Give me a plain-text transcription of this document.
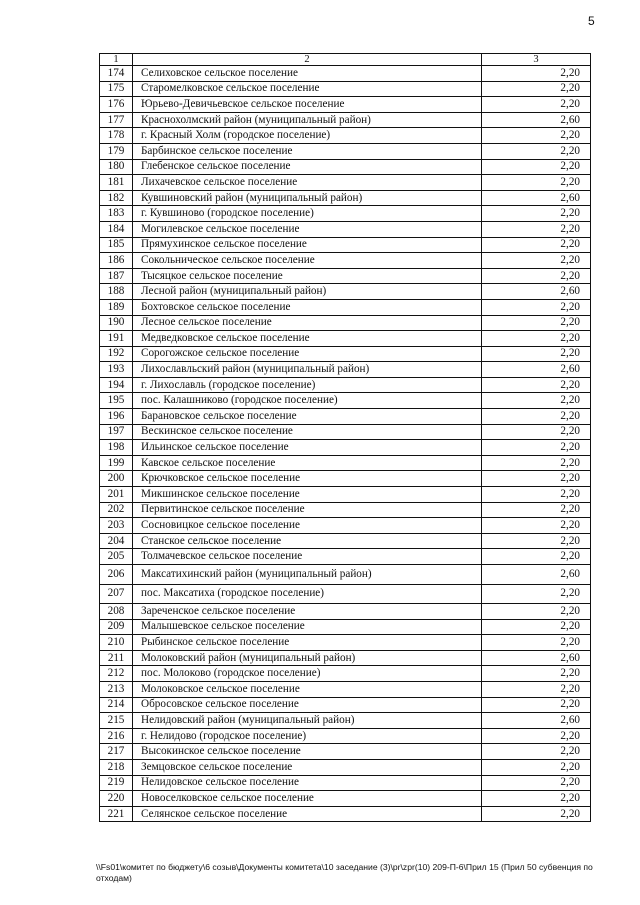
5
1	2	3
174	Селиховское сельское поселение	2,20
175	Старомелковское сельское поселение	2,20
176	Юрьево-Девичьевское сельское поселение	2,20
177	Краснохолмский район (муниципальный район)	2,60
178	г. Красный Холм (городское поселение)	2,20
179	Барбинское сельское поселение	2,20
180	Глебенское сельское поселение	2,20
181	Лихачевское сельское поселение	2,20
182	Кувшиновский район (муниципальный район)	2,60
183	г. Кувшиново (городское поселение)	2,20
184	Могилевское сельское поселение	2,20
185	Прямухинское сельское поселение	2,20
186	Сокольническое сельское поселение	2,20
187	Тысяцкое сельское поселение	2,20
188	Лесной район (муниципальный район)	2,60
189	Бохтовское сельское поселение	2,20
190	Лесное сельское поселение	2,20
191	Медведковское сельское поселение	2,20
192	Сорогожское сельское поселение	2,20
193	Лихославльский район (муниципальный район)	2,60
194	г. Лихославль (городское поселение)	2,20
195	пос. Калашниково (городское поселение)	2,20
196	Барановское сельское поселение	2,20
197	Вескинское сельское поселение	2,20
198	Ильинское сельское поселение	2,20
199	Кавское сельское поселение	2,20
200	Крючковское сельское поселение	2,20
201	Микшинское сельское поселение	2,20
202	Первитинское сельское поселение	2,20
203	Сосновицкое сельское поселение	2,20
204	Станское сельское поселение	2,20
205	Толмачевское сельское поселение	2,20
206	Максатихинский район (муниципальный район)	2,60
207	пос. Максатиха (городское поселение)	2,20
208	Зареченское сельское поселение	2,20
209	Малышевское сельское поселение	2,20
210	Рыбинское сельское поселение	2,20
211	Молоковский район (муниципальный район)	2,60
212	пос. Молоково (городское поселение)	2,20
213	Молоковское сельское поселение	2,20
214	Обросовское сельское поселение	2,20
215	Нелидовский район (муниципальный район)	2,60
216	г. Нелидово (городское поселение)	2,20
217	Высокинское сельское поселение	2,20
218	Земцовское сельское поселение	2,20
219	Нелидовское сельское поселение	2,20
220	Новоселковское сельское поселение	2,20
221	Селянское сельское поселение	2,20
\\Fs01\комитет по бюджету\6 созыв\Документы комитета\10 заседание (3)\pr\zpr(10) 209-П-6\Прил 15 (Прил 50 субвенция по отходам)
